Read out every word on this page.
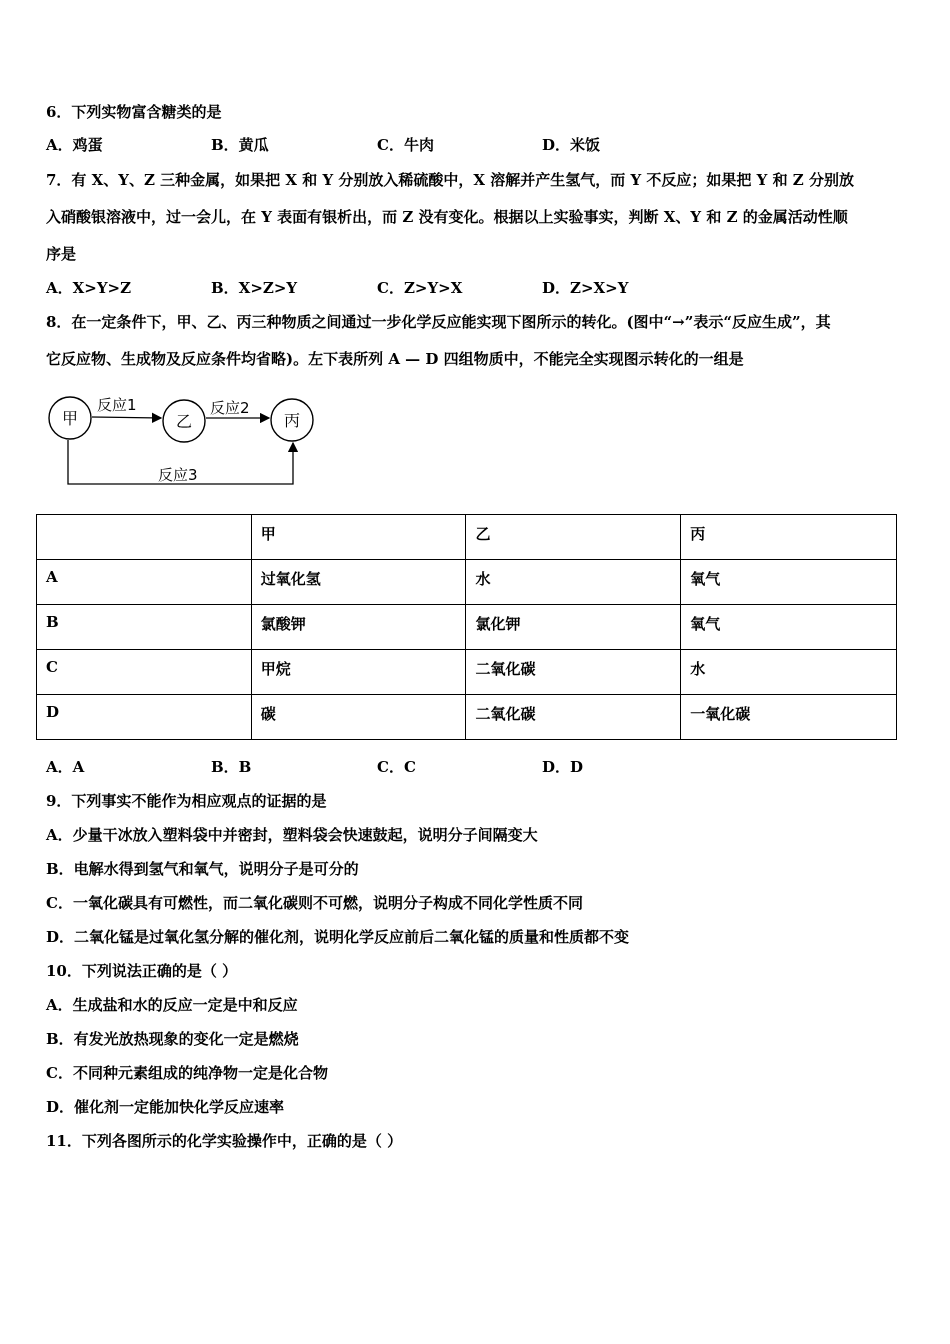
6．下列实物富含糖类的是
A．鸡蛋	B．黄瓜	C．牛肉	D．米饭
7．有 X、Y、Z 三种金属，如果把 X 和 Y 分别放入稀硫酸中，X 溶解并产生氢气，而 Y 不反应；如果把 Y 和 Z 分别放
入硝酸银溶液中，过一会儿，在 Y 表面有银析出，而 Z 没有变化。根据以上实验事实，判断 X、Y 和 Z 的金属活动性顺
序是
A．X>Y>Z	B．X>Z>Y	C．Z>Y>X	D．Z>X>Y
8．在一定条件下，甲、乙、丙三种物质之间通过一步化学反应能实现下图所示的转化。(图中“→”表示“反应生成”，其
它反应物、生成物及反应条件均省略)。左下表所列 A — D 四组物质中，不能完全实现图示转化的一组是
甲	乙	丙
反应1	反应2
反应3
	甲	乙	丙
A	过氧化氢	水	氧气
B	氯酸钾	氯化钾	氧气
C	甲烷	二氧化碳	水
D	碳	二氧化碳	一氧化碳
A．A	B．B	C．C	D．D
9．下列事实不能作为相应观点的证据的是
A．少量干冰放入塑料袋中并密封，塑料袋会快速鼓起，说明分子间隔变大
B．电解水得到氢气和氧气，说明分子是可分的
C．一氧化碳具有可燃性，而二氧化碳则不可燃，说明分子构成不同化学性质不同
D．二氧化锰是过氧化氢分解的催化剂，说明化学反应前后二氧化锰的质量和性质都不变
10．下列说法正确的是（ ）
A．生成盐和水的反应一定是中和反应
B．有发光放热现象的变化一定是燃烧
C．不同种元素组成的纯净物一定是化合物
D．催化剂一定能加快化学反应速率
11．下列各图所示的化学实验操作中，正确的是（ ）
